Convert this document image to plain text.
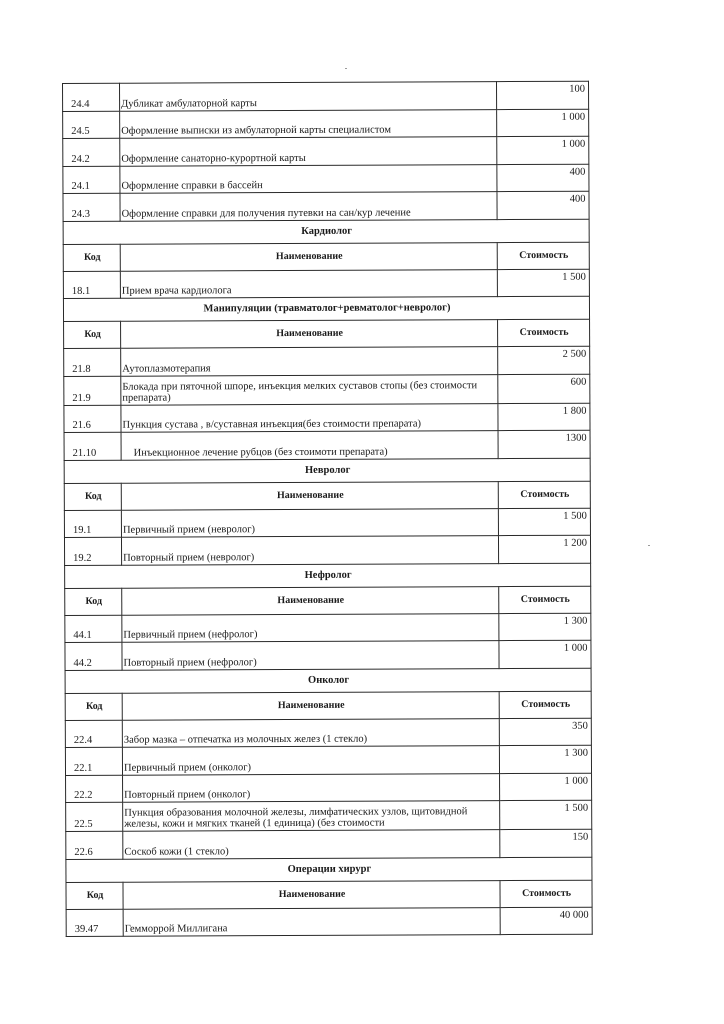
24.4	Дубликат амбулаторной карты	100
24.5	Оформление выписки из амбулаторной карты специалистом	1 000
24.2	Оформление санаторно-курортной карты	1 000
24.1	Оформление справки в бассейн	400
24.3	Оформление справки для получения путевки на сан/кур лечение	400
Кардиолог		
Код	Наименование	Стоимость
18.1	Прием врача кардиолога	1 500
Манипуляции (травматолог+ревматолог+невролог)		
Код	Наименование	Стоимость
21.8	Аутоплазмотерапия	2 500
21.9	Блокада при пяточной шпоре, инъекция мелких суставов стопы (без стоимости препарата)	600
21.6	Пункция сустава , в/суставная инъекция(без стоимости препарата)	1 800
21.10	Инъекционное лечение рубцов (без стоимоти препарата)	1300
Невролог		
Код	Наименование	Стоимость
19.1	Первичный прием (невролог)	1 500
19.2	Повторный прием (невролог)	1 200
Нефролог		
Код	Наименование	Стоимость
44.1	Первичный прием (нефролог)	1 300
44.2	Повторный прием (нефролог)	1 000
Онколог		
Код	Наименование	Стоимость
22.4	Забор мазка – отпечатка из молочных желез (1 стекло)	350
22.1	Первичный прием (онколог)	1 300
22.2	Повторный прием (онколог)	1 000
22.5	Пункция образования молочной железы, лимфатических узлов, щитовидной железы, кожи и мягких тканей (1 единица) (без стоимости	1 500
22.6	Соскоб кожи (1 стекло)	150
Операции хирург		
Код	Наименование	Стоимость
39.47	Гемморрой Миллигана	40 000
